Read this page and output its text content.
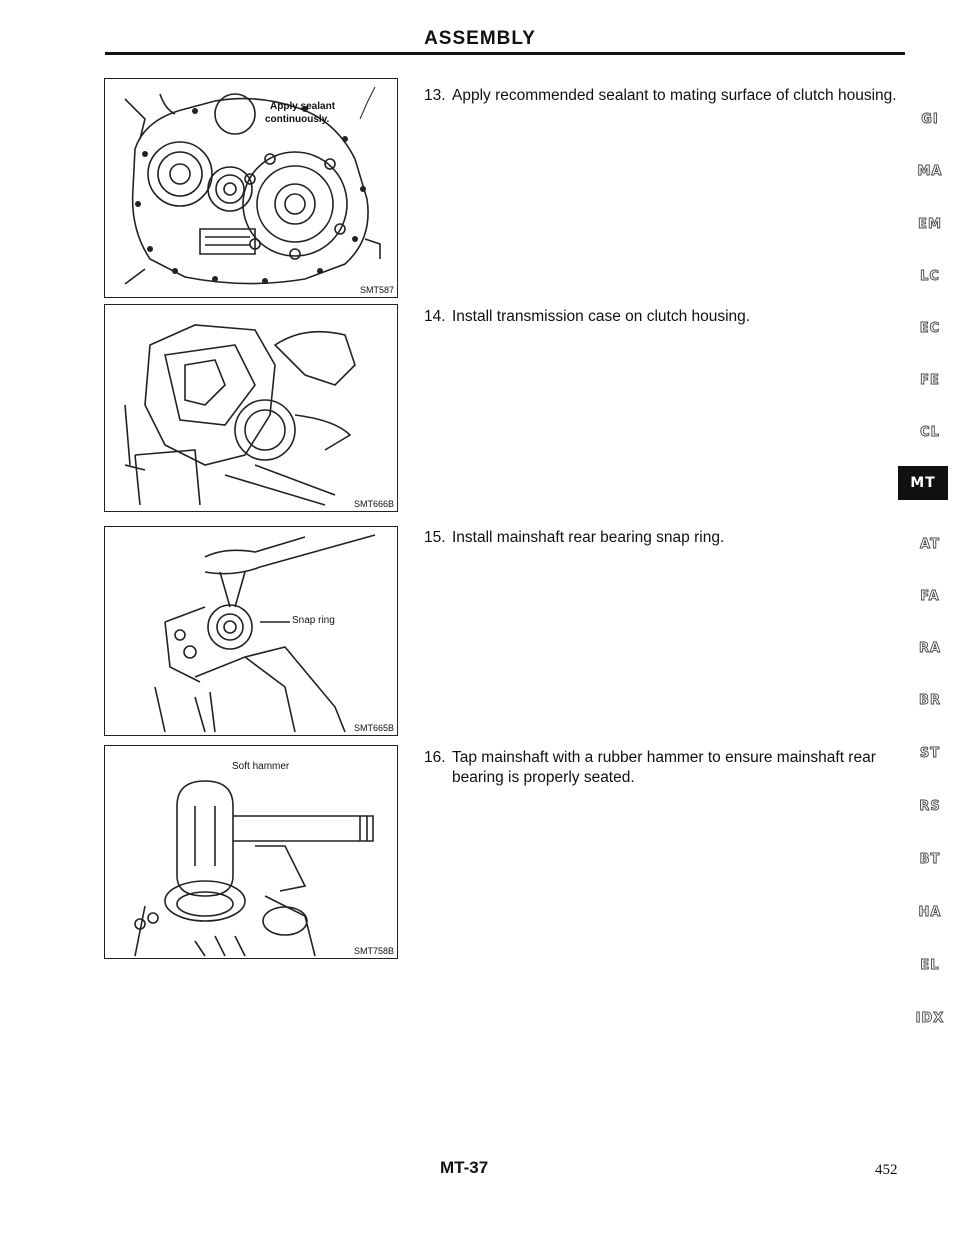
ASSEMBLY
Apply sealant
continuously.
SMT587
SMT666B
Snap ring
SMT665B
Soft hammer
SMT758B
13. Apply recommended sealant to mating surface of clutch housing.
14. Install transmission case on clutch housing.
15. Install mainshaft rear bearing snap ring.
16. Tap mainshaft with a rubber hammer to ensure mainshaft rear bearing is properly seated.
GI
MA
EM
LC
EC
FE
CL
MT
AT
FA
RA
BR
ST
RS
BT
HA
EL
IDX
MT-37	452
